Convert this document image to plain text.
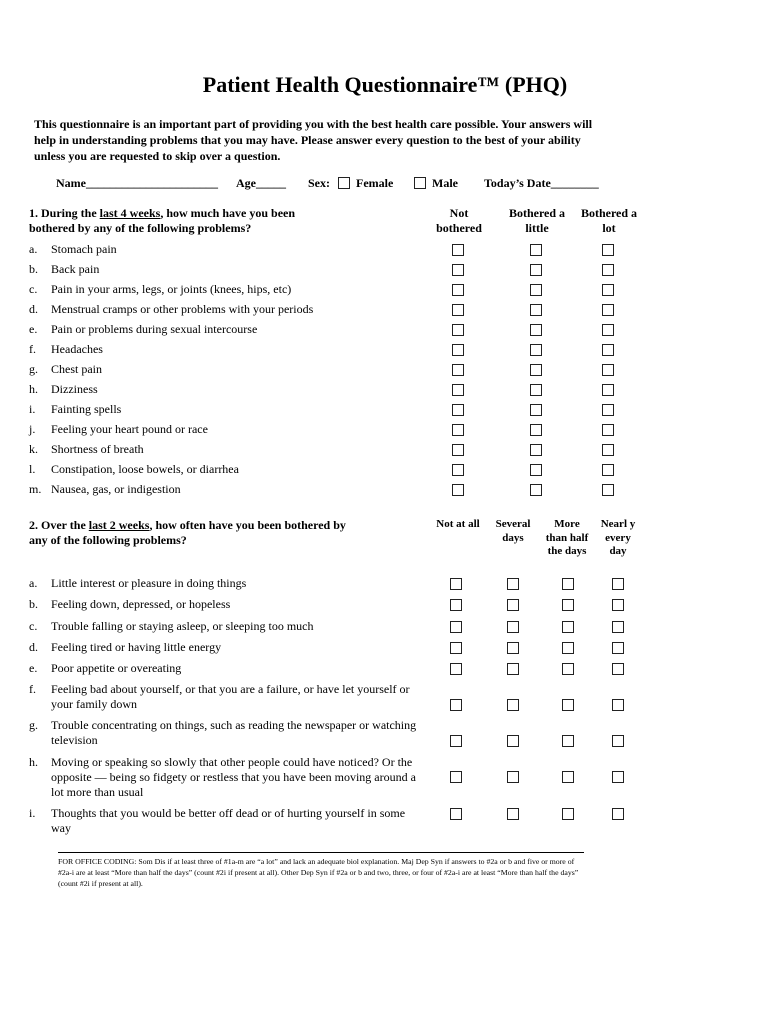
Patient Health Questionnaire™ (PHQ)

This questionnaire is an important part of providing you with the best health care possible. Your answers will help in understanding problems that you may have. Please answer every question to the best of your ability unless you are requested to skip over a question.

Name______________________ Age_____ Sex: Female	Male Today’s Date________
1. During the last 4 weeks, how much have you been bothered by any of the following problems?
Not bothered
Bothered a little
Bothered a lot
a. Stomach pain

b. Back pain

c. Pain in your arms, legs, or joints (knees, hips, etc)

d. Menstrual cramps or other problems with your periods

e. Pain or problems during sexual intercourse

f. Headaches

g. Chest pain

h. Dizziness

i. Fainting spells

j. Feeling your heart pound or race

k. Shortness of breath

l. Constipation, loose bowels, or diarrhea

m. Nausea, gas, or indigestion

2. Over the last 2 weeks, how often have you been bothered by any of the following problems?
Not at all	Several days
More than half the days
Nearl y every day
a. Little interest or pleasure in doing things

b. Feeling down, depressed, or hopeless

c. Trouble falling or staying asleep, or sleeping too much

d. Feeling tired or having little energy

e. Poor appetite or overeating

f. Feeling bad about yourself, or that you are a failure, or have let yourself or your family down

g. Trouble concentrating on things, such as reading the newspaper or watching television

h. Moving or speaking so slowly that other people could have noticed? Or the opposite — being so fidgety or restless that you have been moving around a lot more than usual

i. Thoughts that you would be better off dead or of hurting yourself in some way

FOR OFFICE CODING: Som Dis if at least three of #1a-m are “a lot” and lack an adequate biol explanation. Maj Dep Syn if answers to #2a or b and five or more of #2a-i are at least “More than half the days” (count #2i if present at all). Other Dep Syn if #2a or b and two, three, or four of #2a-i are at least “More than half the days” (count #2i if present at all).
